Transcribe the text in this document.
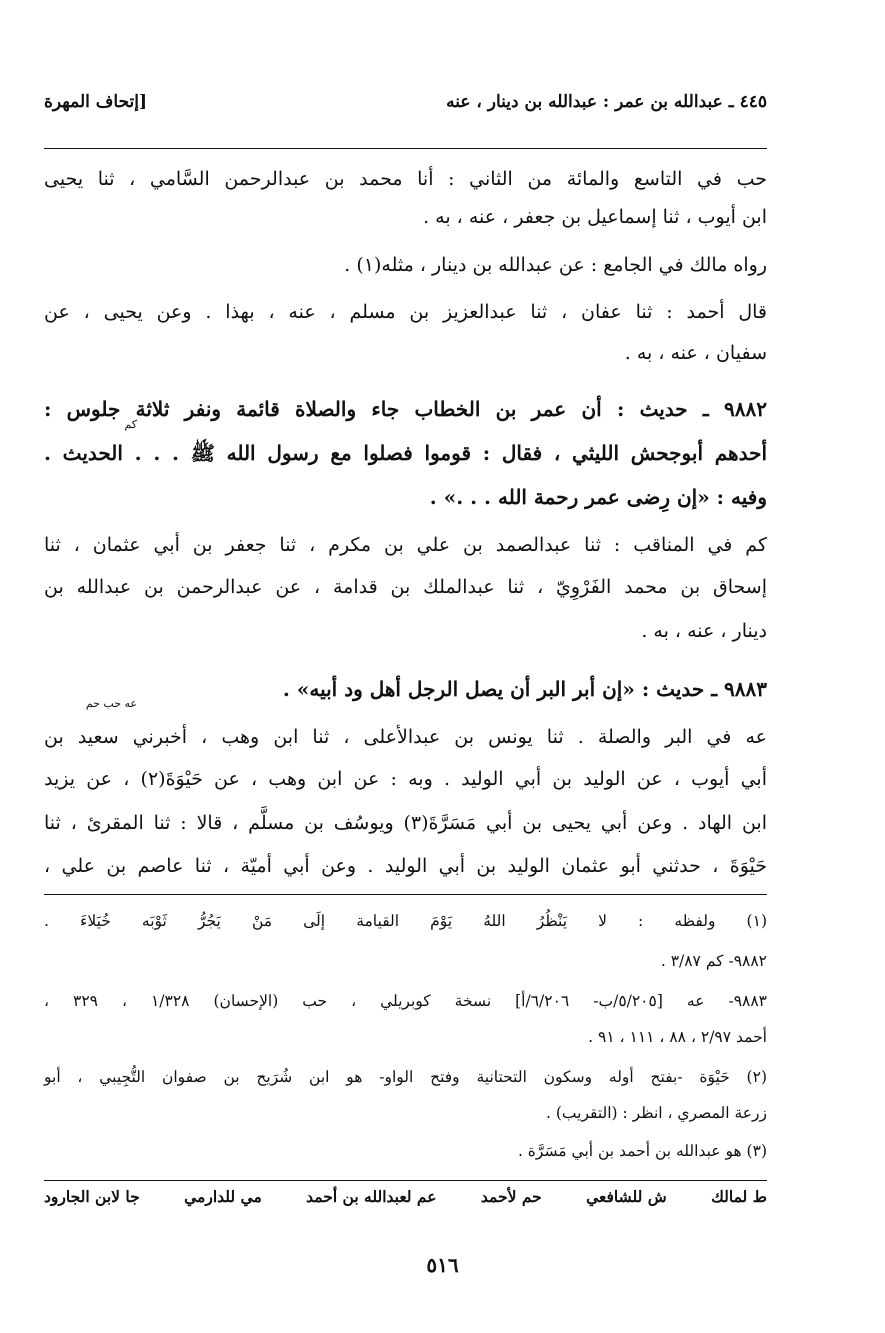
٤٤٥ ـ عبدالله بن عمر : عبدالله بن دينار ، عنه
[إتحاف المهرة
حب في التاسع والمائة من الثاني : أنا محمد بن عبدالرحمن السَّامي ، ثنا يحيى
ابن أيوب ، ثنا إسماعيل بن جعفر ، عنه ، به .
رواه مالك في الجامع : عن عبدالله بن دينار ، مثله(١) .
قال أحمد : ثنا عفان ، ثنا عبدالعزيز بن مسلم ، عنه ، بهذا . وعن يحيى ، عن
سفيان ، عنه ، به .
٩٨٨٢ ـ حديث : أن عمر بن الخطاب جاء والصلاة قائمة ونفر ثلاثة جلوس :
كم
أحدهم أبوجحش الليثي ، فقال : قوموا فصلوا مع رسول الله ﷺ . . . الحديث .
وفيه : «إن رِضى عمر رحمة الله . . .» .
كم في المناقب : ثنا عبدالصمد بن علي بن مكرم ، ثنا جعفر بن أبي عثمان ، ثنا
إسحاق بن محمد الفَرْوِيّ ، ثنا عبدالملك بن قدامة ، عن عبدالرحمن بن عبدالله بن
دينار ، عنه ، به .
٩٨٨٣ ـ حديث : «إن أبر البر أن يصل الرجل أهل ود أبيه» .
عه حب حم
عه في البر والصلة . ثنا يونس بن عبدالأعلى ، ثنا ابن وهب ، أخبرني سعيد بن
أبي أيوب ، عن الوليد بن أبي الوليد . وبه : عن ابن وهب ، عن حَيْوَةَ(٢) ، عن يزيد
ابن الهاد . وعن أبي يحيى بن أبي مَسَرَّةَ(٣) ويوسُف بن مسلَّم ، قالا : ثنا المقرئ ، ثنا
حَيْوَةَ ، حدثني أبو عثمان الوليد بن أبي الوليد . وعن أبي أميّة ، ثنا عاصم بن علي ،
(١) ولفظه : لا يَنْظُرُ اللهُ يَوْمَ القيامة إلَى مَنْ يَجُرُّ ثَوْبَه خُيَلاءَ .
٩٨٨٢- كم ٣/٨٧ .
٩٨٨٣- عه [٥/٢٠٥/ب- ٦/٢٠٦/أ] نسخة كوبريلي ، حب (الإحسان) ١/٣٢٨ ، ٣٢٩ ،
أحمد ٢/٩٧ ، ٨٨ ، ١١١ ، ٩١ .
(٢) حَيْوَة -بفتح أوله وسكون التحتانية وفتح الواو- هو ابن شُرَيح بن صفوان التُّجِيبي ، أبو
زرعة المصري ، انظر : (التقريب) .
(٣) هو عبدالله بن أحمد بن أبي مَسَرَّة .
ط لمالك
ش للشافعي
حم لأحمد
عم لعبدالله بن أحمد
مي للدارمي
جا لابن الجارود
٥١٦
